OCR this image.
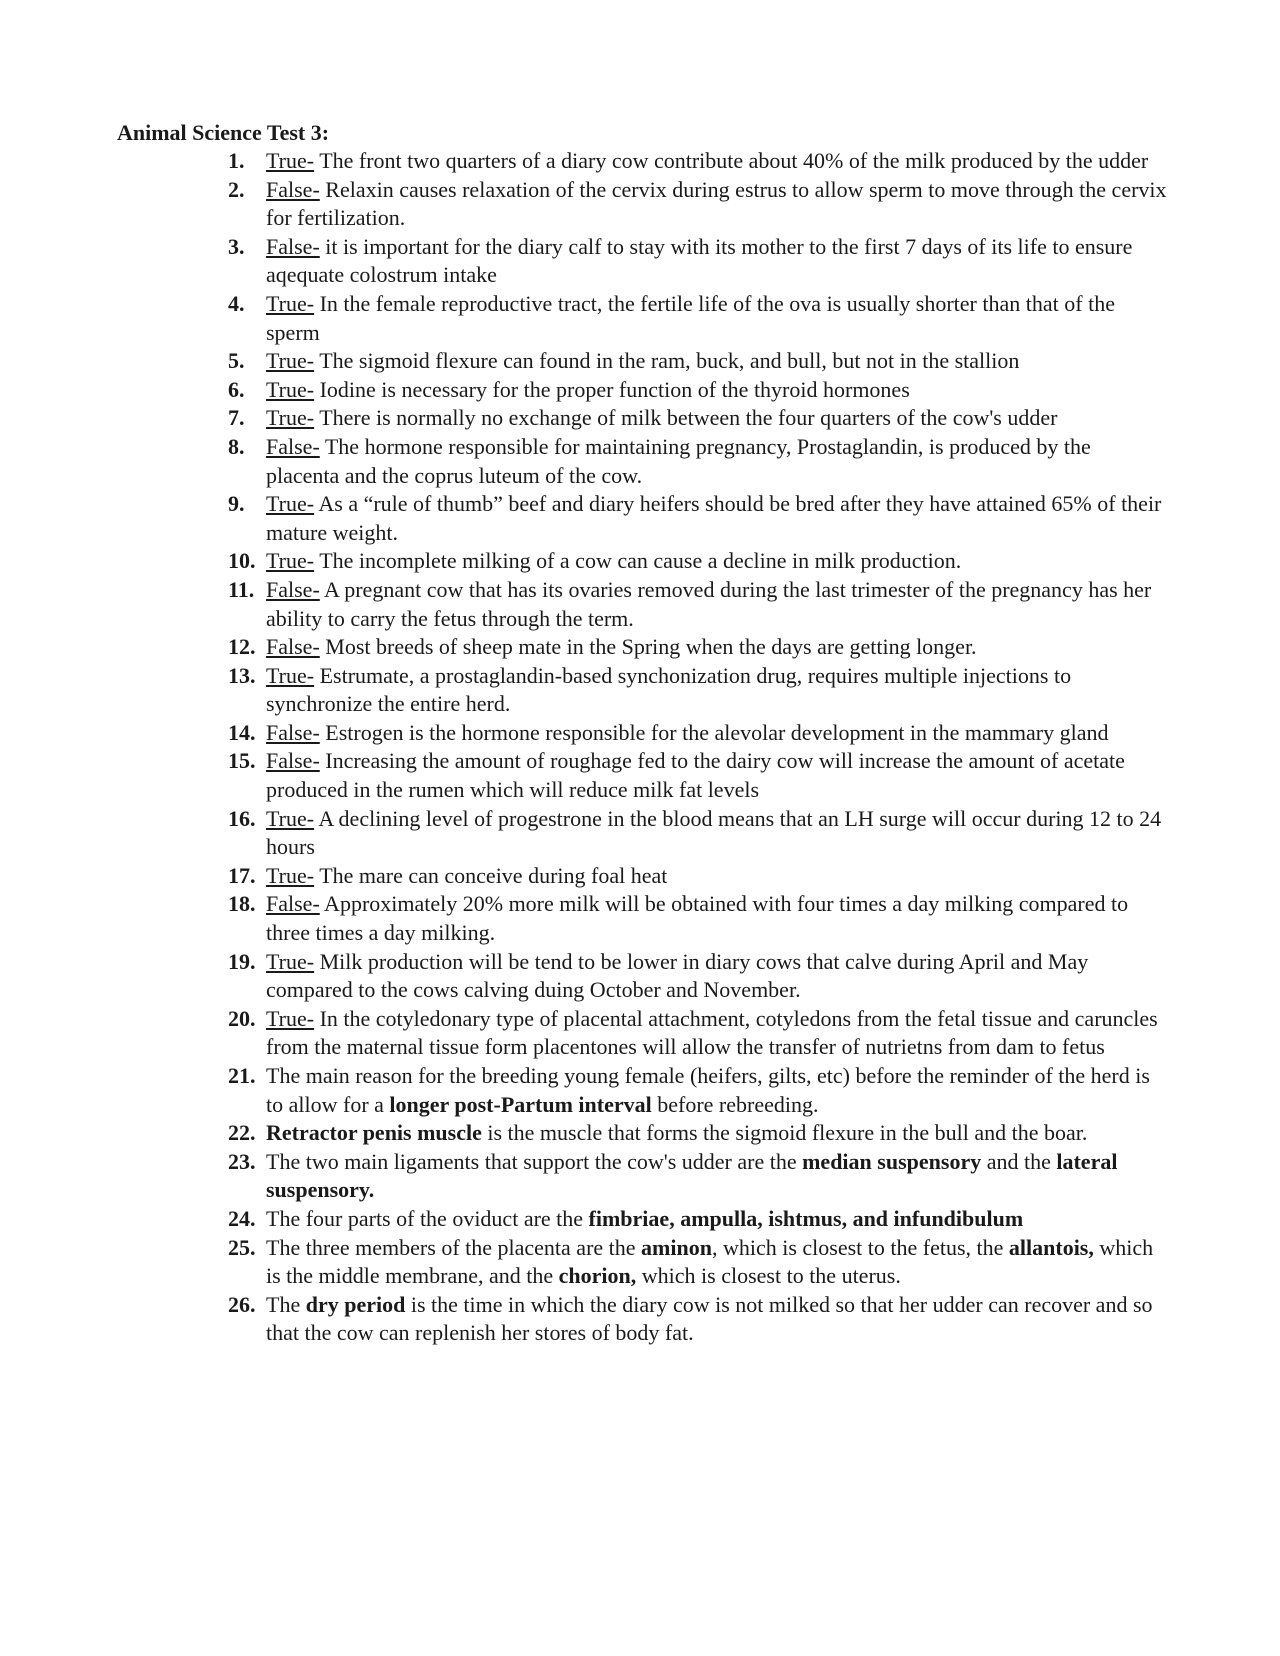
Animal Science Test 3:
1. True- The front two quarters of a diary cow contribute about 40% of the milk produced by the udder
2. False- Relaxin causes relaxation of the cervix during estrus to allow sperm to move through the cervix for fertilization.
3. False- it is important for the diary calf to stay with its mother to the first 7 days of its life to ensure aqequate colostrum intake
4. True- In the female reproductive tract, the fertile life of the ova is usually shorter than that of the sperm
5. True- The sigmoid flexure can found in the ram, buck, and bull, but not in the stallion
6. True- Iodine is necessary for the proper function of the thyroid hormones
7. True- There is normally no exchange of milk between the four quarters of the cow's udder
8. False- The hormone responsible for maintaining pregnancy, Prostaglandin, is produced by the placenta and the coprus luteum of the cow.
9. True- As a “rule of thumb” beef and diary heifers should be bred after they have attained 65% of their mature weight.
10. True- The incomplete milking of a cow can cause a decline in milk production.
11. False- A pregnant cow that has its ovaries removed during the last trimester of the pregnancy has her ability to carry the fetus through the term.
12. False- Most breeds of sheep mate in the Spring when the days are getting longer.
13. True- Estrumate, a prostaglandin-based synchonization drug, requires multiple injections to synchronize the entire herd.
14. False- Estrogen is the hormone responsible for the alevolar development in the mammary gland
15. False- Increasing the amount of roughage fed to the dairy cow will increase the amount of acetate produced in the rumen which will reduce milk fat levels
16. True- A declining level of progestrone in the blood means that an LH surge will occur during 12 to 24 hours
17. True- The mare can conceive during foal heat
18. False- Approximately 20% more milk will be obtained with four times a day milking compared to three times a day milking.
19. True- Milk production will be tend to be lower in diary cows that calve during April and May compared to the cows calving duing October and November.
20. True- In the cotyledonary type of placental attachment, cotyledons from the fetal tissue and caruncles from the maternal tissue form placentones will allow the transfer of nutrietns from dam to fetus
21. The main reason for the breeding young female (heifers, gilts, etc) before the reminder of the herd is to allow for a longer post-Partum interval before rebreeding.
22. Retractor penis muscle is the muscle that forms the sigmoid flexure in the bull and the boar.
23. The two main ligaments that support the cow's udder are the median suspensory and the lateral suspensory.
24. The four parts of the oviduct are the fimbriae, ampulla, ishtmus, and infundibulum
25. The three members of the placenta are the aminon, which is closest to the fetus, the allantois, which is the middle membrane, and the chorion, which is closest to the uterus.
26. The dry period is the time in which the diary cow is not milked so that her udder can recover and so that the cow can replenish her stores of body fat.
